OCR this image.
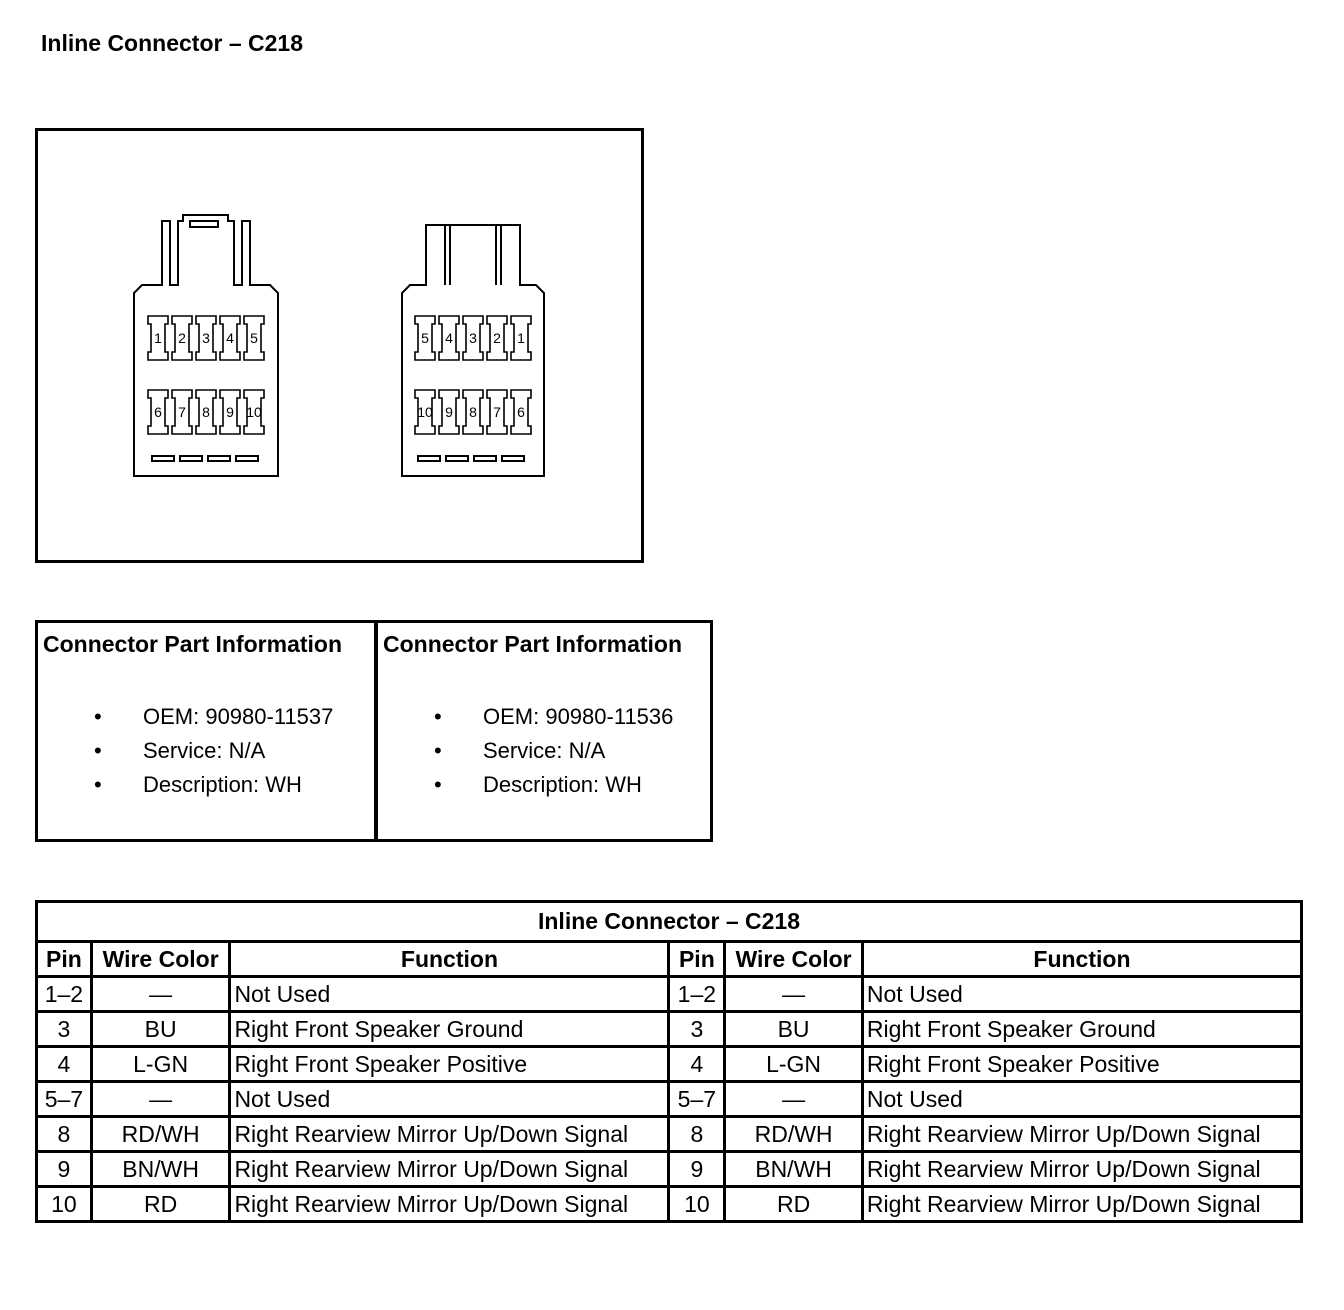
Inline Connector – C218
1 2 3 4 5
6 7 8 9 10
5 4 3 2 1
10 9 8 7 6
Connector Part Information
• OEM: 90980-11537
• Service: N/A
• Description: WH
Connector Part Information
• OEM: 90980-11536
• Service: N/A
• Description: WH
Inline Connector – C218					
Pin	Wire Color	Function	Pin	Wire Color	Function
1–2	—	Not Used	1–2	—	Not Used
3	BU	Right Front Speaker Ground	3	BU	Right Front Speaker Ground
4	L-GN	Right Front Speaker Positive	4	L-GN	Right Front Speaker Positive
5–7	—	Not Used	5–7	—	Not Used
8	RD/WH	Right Rearview Mirror Up/Down Signal	8	RD/WH	Right Rearview Mirror Up/Down Signal
9	BN/WH	Right Rearview Mirror Up/Down Signal	9	BN/WH	Right Rearview Mirror Up/Down Signal
10	RD	Right Rearview Mirror Up/Down Signal	10	RD	Right Rearview Mirror Up/Down Signal
